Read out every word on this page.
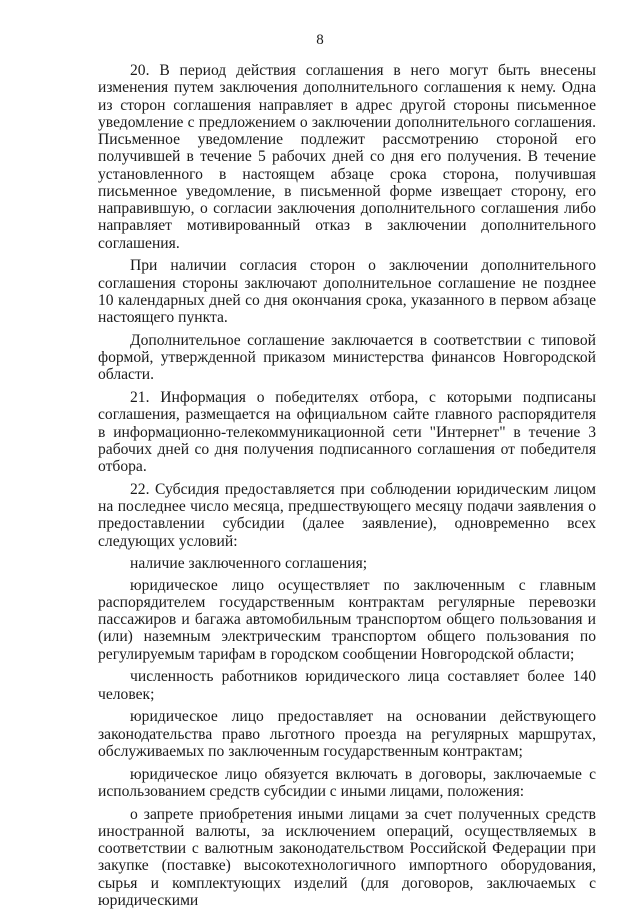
8

20. В период действия соглашения в него могут быть внесены изменения путем заключения дополнительного соглашения к нему. Одна из сторон соглашения направляет в адрес другой стороны письменное уведомление с предложением о заключении дополнительного соглашения. Письменное уведомление подлежит рассмотрению стороной его получившей в течение 5 рабочих дней со дня его получения. В течение установленного в настоящем абзаце срока сторона, получившая письменное уведомление, в письменной форме извещает сторону, его направившую, о согласии заключения дополнительного соглашения либо направляет мотивированный отказ в заключении дополнительного соглашения.

При наличии согласия сторон о заключении дополнительного соглашения стороны заключают дополнительное соглашение не позднее 10 календарных дней со дня окончания срока, указанного в первом абзаце настоящего пункта.

Дополнительное соглашение заключается в соответствии с типовой формой, утвержденной приказом министерства финансов Новгородской области.

21. Информация о победителях отбора, с которыми подписаны соглашения, размещается на официальном сайте главного распорядителя в информационно-телекоммуникационной сети "Интернет" в течение 3 рабочих дней со дня получения подписанного соглашения от победителя отбора.

22. Субсидия предоставляется при соблюдении юридическим лицом на последнее число месяца, предшествующего месяцу подачи заявления о предоставлении субсидии (далее заявление), одновременно всех следующих условий:

наличие заключенного соглашения;

юридическое лицо осуществляет по заключенным с главным распорядителем государственным контрактам регулярные перевозки пассажиров и багажа автомобильным транспортом общего пользования и (или) наземным электрическим транспортом общего пользования по регулируемым тарифам в городском сообщении Новгородской области;

численность работников юридического лица составляет более 140 человек;

юридическое лицо предоставляет на основании действующего законодательства право льготного проезда на регулярных маршрутах, обслуживаемых по заключенным государственным контрактам;

юридическое лицо обязуется включать в договоры, заключаемые с использованием средств субсидии с иными лицами, положения:

о запрете приобретения иными лицами за счет полученных средств иностранной валюты, за исключением операций, осуществляемых в соответствии с валютным законодательством Российской Федерации при закупке (поставке) высокотехнологичного импортного оборудования, сырья и комплектующих изделий (для договоров, заключаемых с юридическими
